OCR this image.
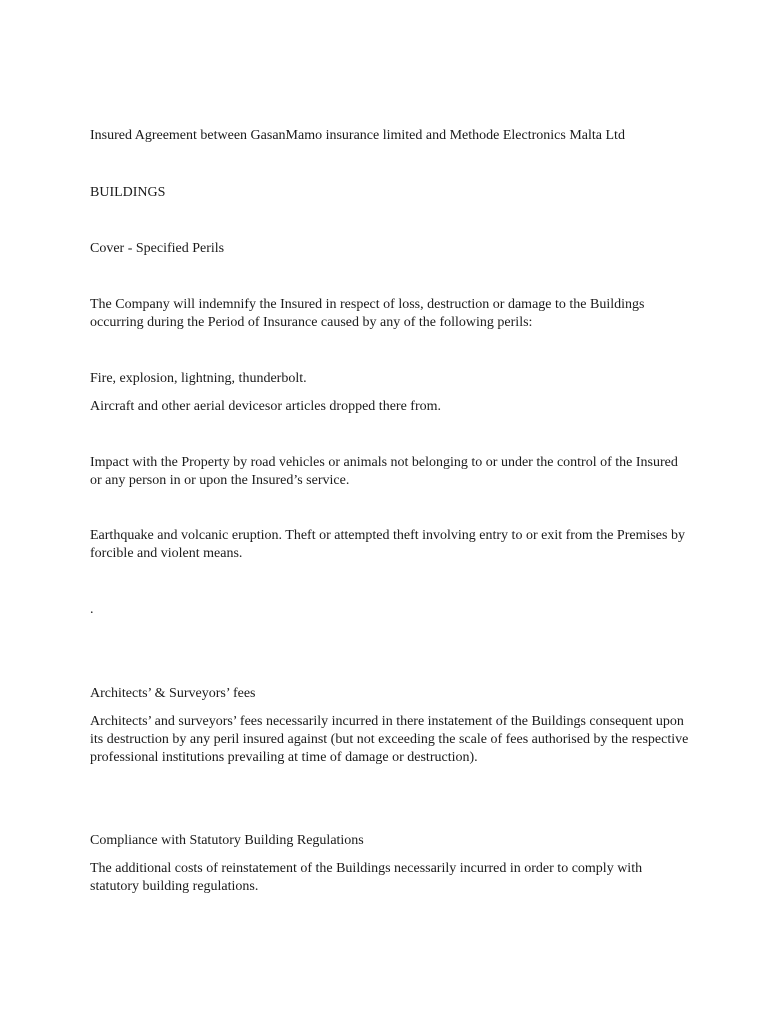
Insured Agreement between GasanMamo insurance limited and Methode Electronics Malta Ltd
BUILDINGS
Cover - Specified Perils
The Company will indemnify the Insured in respect of loss, destruction or damage to the Buildings occurring during the Period of Insurance caused by any of the following perils:
Fire, explosion, lightning, thunderbolt.
Aircraft and other aerial devicesor articles dropped there from.
Impact with the Property by road vehicles or animals not belonging to or under the control of the Insured or any person in or upon the Insured’s service.
Earthquake and volcanic eruption. Theft or attempted theft involving entry to or exit from the Premises by forcible and violent means.
.
Architects’ & Surveyors’ fees
Architects’ and surveyors’ fees necessarily incurred in there instatement of the Buildings consequent upon its destruction by any peril insured against (but not exceeding the scale of fees authorised by the respective professional institutions prevailing at time of damage or destruction).
Compliance with Statutory Building Regulations
The additional costs of reinstatement of the Buildings necessarily incurred in order to comply with statutory building regulations.
